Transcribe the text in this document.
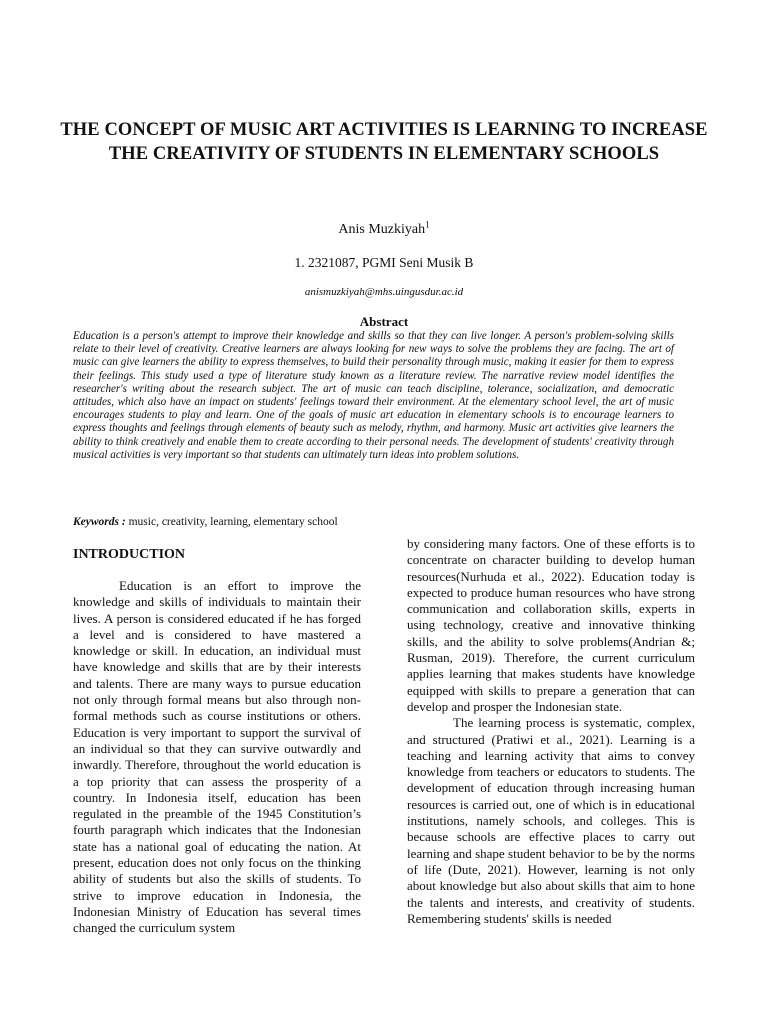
THE CONCEPT OF MUSIC ART ACTIVITIES IS LEARNING TO INCREASE THE CREATIVITY OF STUDENTS IN ELEMENTARY SCHOOLS
Anis Muzkiyah$^1$
1. 2321087, PGMI Seni Musik B
anismuzkiyah@mhs.uingusdur.ac.id
Abstract

Education is a person's attempt to improve their knowledge and skills so that they can live longer. A person's problem-solving skills relate to their level of creativity. Creative learners are always looking for new ways to solve the problems they are facing. The art of music can give learners the ability to express themselves, to build their personality through music, making it easier for them to express their feelings. This study used a type of literature study known as a literature review. The narrative review model identifies the researcher's writing about the research subject. The art of music can teach discipline, tolerance, socialization, and democratic attitudes, which also have an impact on students' feelings toward their environment. At the elementary school level, the art of music encourages students to play and learn. One of the goals of music art education in elementary schools is to encourage learners to express thoughts and feelings through elements of beauty such as melody, rhythm, and harmony. Music art activities give learners the ability to think creatively and enable them to create according to their personal needs. The development of students' creativity through musical activities is very important so that students can ultimately turn ideas into problem solutions.

Keywords : music, creativity, learning, elementary school
INTRODUCTION

Education is an effort to improve the knowledge and skills of individuals to maintain their lives. A person is considered educated if he has forged a level and is considered to have mastered a knowledge or skill. In education, an individual must have knowledge and skills that are by their interests and talents. There are many ways to pursue education not only through formal means but also through non-formal methods such as course institutions or others. Education is very important to support the survival of an individual so that they can survive outwardly and inwardly. Therefore, throughout the world education is a top priority that can assess the prosperity of a country. In Indonesia itself, education has been regulated in the preamble of the 1945 Constitution’s fourth paragraph which indicates that the Indonesian state has a national goal of educating the nation. At present, education does not only focus on the thinking ability of students but also the skills of students. To strive to improve education in Indonesia, the Indonesian Ministry of Education has several times changed the curriculum system

by considering many factors. One of these efforts is to concentrate on character building to develop human resources(Nurhuda et al., 2022). Education today is expected to produce human resources who have strong communication and collaboration skills, experts in using technology, creative and innovative thinking skills, and the ability to solve problems(Andrian &; Rusman, 2019). Therefore, the current curriculum applies learning that makes students have knowledge equipped with skills to prepare a generation that can develop and prosper the Indonesian state.

The learning process is systematic, complex, and structured (Pratiwi et al., 2021). Learning is a teaching and learning activity that aims to convey knowledge from teachers or educators to students. The development of education through increasing human resources is carried out, one of which is in educational institutions, namely schools, and colleges. This is because schools are effective places to carry out learning and shape student behavior to be by the norms of life (Dute, 2021). However, learning is not only about knowledge but also about skills that aim to hone the talents and interests, and creativity of students. Remembering students' skills is needed
